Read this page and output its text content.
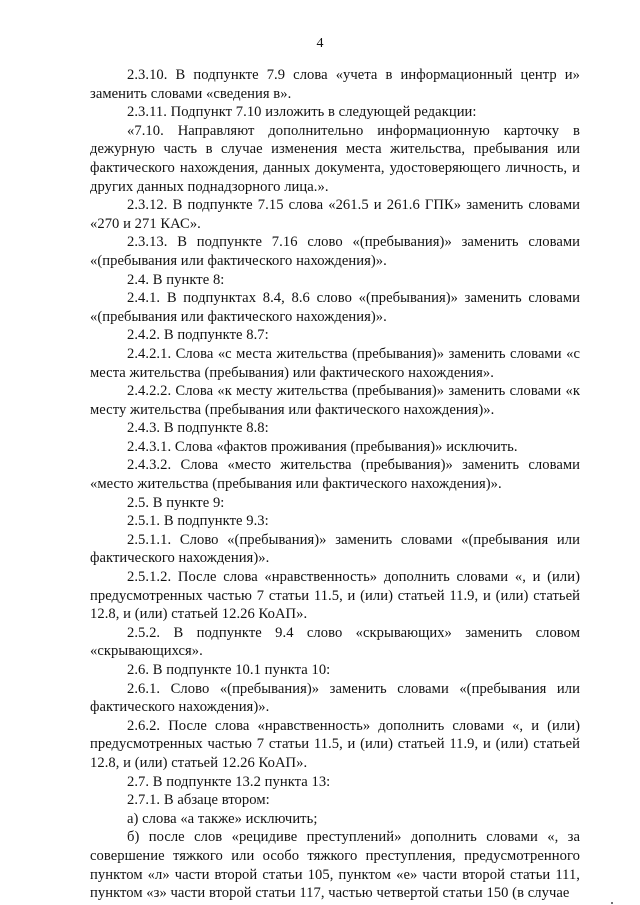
4

2.3.10. В подпункте 7.9 слова «учета в информационный центр и» заменить словами «сведения в».

2.3.11. Подпункт 7.10 изложить в следующей редакции:

«7.10. Направляют дополнительно информационную карточку в дежурную часть в случае изменения места жительства, пребывания или фактического нахождения, данных документа, удостоверяющего личность, и других данных поднадзорного лица.».

2.3.12. В подпункте 7.15 слова «261.5 и 261.6 ГПК» заменить словами «270 и 271 КАС».

2.3.13. В подпункте 7.16 слово «(пребывания)» заменить словами «(пребывания или фактического нахождения)».

2.4. В пункте 8:

2.4.1. В подпунктах 8.4, 8.6 слово «(пребывания)» заменить словами «(пребывания или фактического нахождения)».

2.4.2. В подпункте 8.7:

2.4.2.1. Слова «с места жительства (пребывания)» заменить словами «с места жительства (пребывания) или фактического нахождения».

2.4.2.2. Слова «к месту жительства (пребывания)» заменить словами «к месту жительства (пребывания или фактического нахождения)».

2.4.3. В подпункте 8.8:

2.4.3.1. Слова «фактов проживания (пребывания)» исключить.

2.4.3.2. Слова «место жительства (пребывания)» заменить словами «место жительства (пребывания или фактического нахождения)».

2.5. В пункте 9:

2.5.1. В подпункте 9.3:

2.5.1.1. Слово «(пребывания)» заменить словами «(пребывания или фактического нахождения)».

2.5.1.2. После слова «нравственность» дополнить словами «, и (или) предусмотренных частью 7 статьи 11.5, и (или) статьей 11.9, и (или) статьей 12.8, и (или) статьей 12.26 КоАП».

2.5.2. В подпункте 9.4 слово «скрывающих» заменить словом «скрывающихся».

2.6. В подпункте 10.1 пункта 10:

2.6.1. Слово «(пребывания)» заменить словами «(пребывания или фактического нахождения)».

2.6.2. После слова «нравственность» дополнить словами «, и (или) предусмотренных частью 7 статьи 11.5, и (или) статьей 11.9, и (или) статьей 12.8, и (или) статьей 12.26 КоАП».

2.7. В подпункте 13.2 пункта 13:

2.7.1. В абзаце втором:

а) слова «а также» исключить;

б) после слов «рецидиве преступлений» дополнить словами «, за совершение тяжкого или особо тяжкого преступления, предусмотренного пунктом «л» части второй статьи 105, пунктом «е» части второй статьи 111, пунктом «з» части второй статьи 117, частью четвертой статьи 150 (в случае
